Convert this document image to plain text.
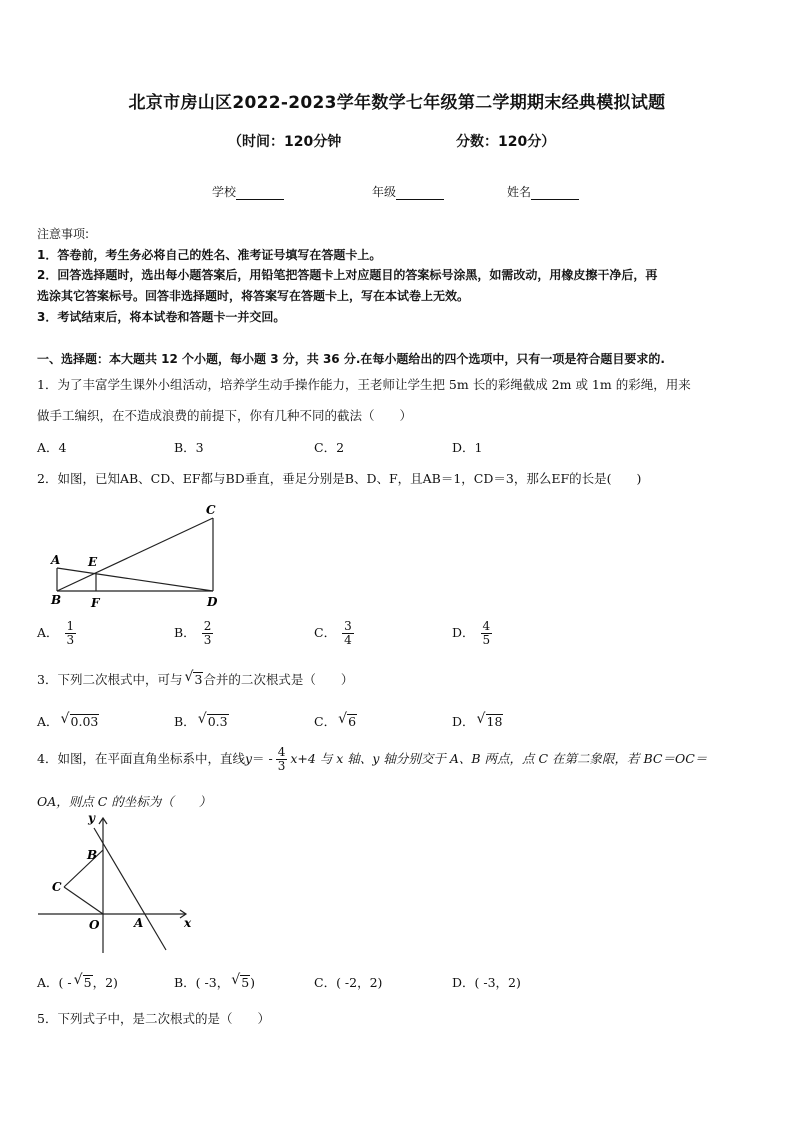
北京市房山区2022-2023学年数学七年级第二学期期末经典模拟试题
（时间：120分钟	分数：120分）
学校	年级	姓名
注意事项:
1．答卷前，考生务必将自己的姓名、准考证号填写在答题卡上。
2．回答选择题时，选出每小题答案后，用铅笔把答题卡上对应题目的答案标号涂黑，如需改动，用橡皮擦干净后，再
选涂其它答案标号。回答非选择题时，将答案写在答题卡上，写在本试卷上无效。
3．考试结束后，将本试卷和答题卡一并交回。
一、选择题：本大题共 12 个小题，每小题 3 分，共 36 分.在每小题给出的四个选项中，只有一项是符合题目要求的.
1．为了丰富学生课外小组活动，培养学生动手操作能力，王老师让学生把 5m 长的彩绳截成 2m 或 1m 的彩绳，用来
做手工编织，在不造成浪费的前提下，你有几种不同的截法（　　）
A．4	B．3	C．2	D．1
2．如图，已知AB、CD、EF都与BD垂直，垂足分别是B、D、F，且AB＝1，CD＝3，那么EF的长是(　　)
A
B
C
D
E
F
A． $\frac{1}{3}$	B． $\frac{2}{3}$	C． $\frac{3}{4}$	D． $\frac{4}{5}$
3．下列二次根式中，可与 √ 3合并的二次根式是（　　）
A． √ 0.03	B． √ 0.3	C． √ 6	D． √ 18
4．如图，在平面直角坐标系中，直线$y= - \frac{4}{3} x+4$ 与 x 轴、y 轴分别交于 A、B 两点，点 C 在第二象限，若 BC＝OC＝
OA，则点 C 的坐标为（　　）
y
x
B
C
O	A
A．( - √ 5，2)	B．( -3， √ 5)	C．( -2，2)	D．( -3，2)
5．下列式子中，是二次根式的是（　　）
